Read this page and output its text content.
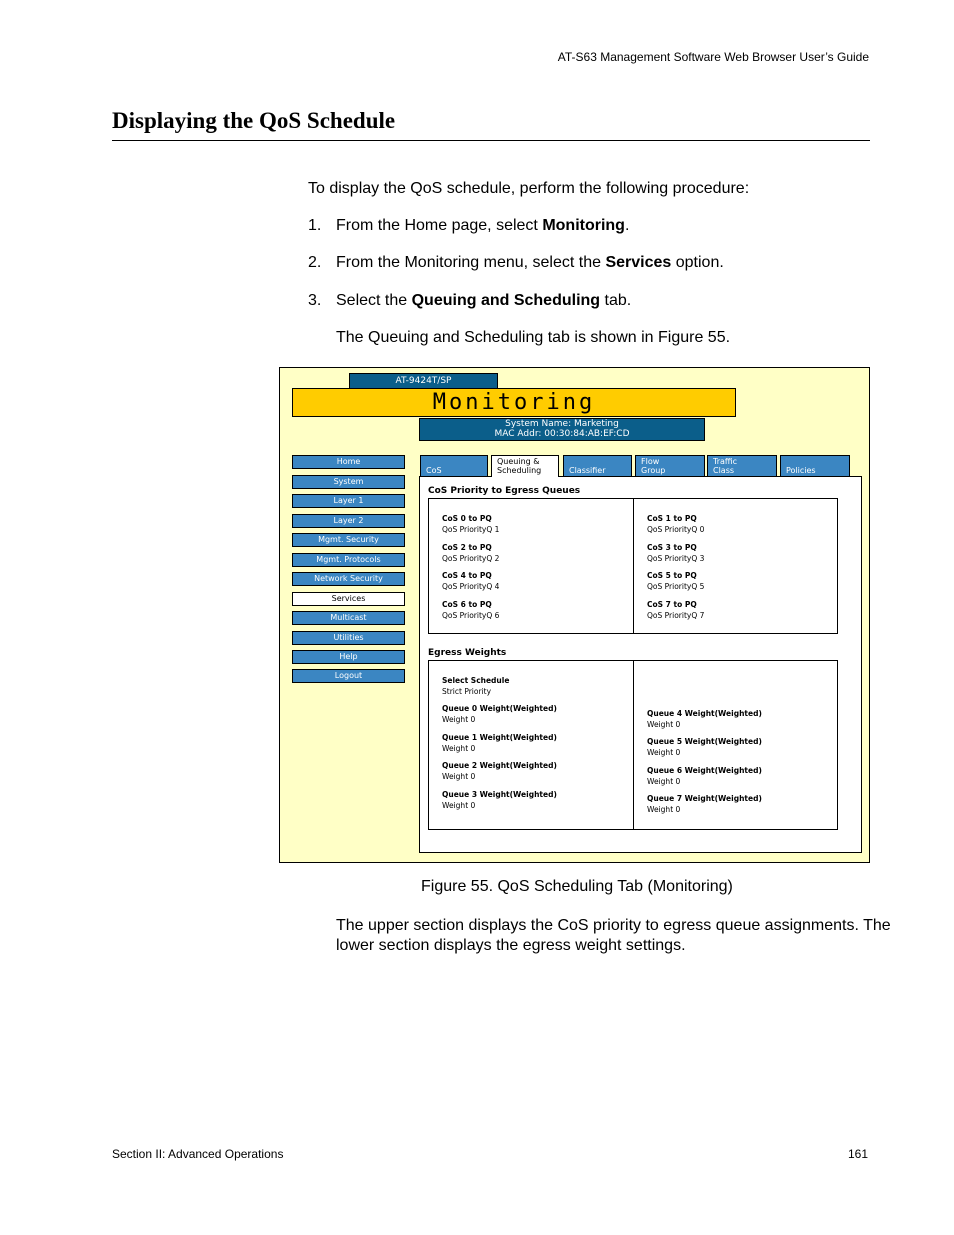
AT-S63 Management Software Web Browser User’s Guide
Displaying the QoS Schedule
To display the QoS schedule, perform the following procedure:
1. From the Home page, select Monitoring.
2. From the Monitoring menu, select the Services option.
3. Select the Queuing and Scheduling tab.
The Queuing and Scheduling tab is shown in Figure 55.
AT-9424T/SP
Monitoring
System Name: Marketing
MAC Addr: 00:30:84:AB:EF:CD
Home
System
Layer 1
Layer 2
Mgmt. Security
Mgmt. Protocols
Network Security
Services
Multicast
Utilities
Help
Logout
CoS
Queuing &
Scheduling	Classifier
Flow
Group
Traffic
Class	Policies
CoS Priority to Egress Queues
CoS 0 to PQ
QoS PriorityQ 1
CoS 2 to PQ
QoS PriorityQ 2
CoS 4 to PQ
QoS PriorityQ 4
CoS 6 to PQ
QoS PriorityQ 6
CoS 1 to PQ
QoS PriorityQ 0
CoS 3 to PQ
QoS PriorityQ 3
CoS 5 to PQ
QoS PriorityQ 5
CoS 7 to PQ
QoS PriorityQ 7
Egress Weights
Select Schedule
Strict Priority
Queue 0 Weight(Weighted)
Weight 0
Queue 1 Weight(Weighted)
Weight 0
Queue 2 Weight(Weighted)
Weight 0
Queue 3 Weight(Weighted)
Weight 0
Queue 4 Weight(Weighted)
Weight 0
Queue 5 Weight(Weighted)
Weight 0
Queue 6 Weight(Weighted)
Weight 0
Queue 7 Weight(Weighted)
Weight 0
Figure 55. QoS Scheduling Tab (Monitoring)
The upper section displays the CoS priority to egress queue assignments. The lower section displays the egress weight settings.
Section II: Advanced Operations	161
